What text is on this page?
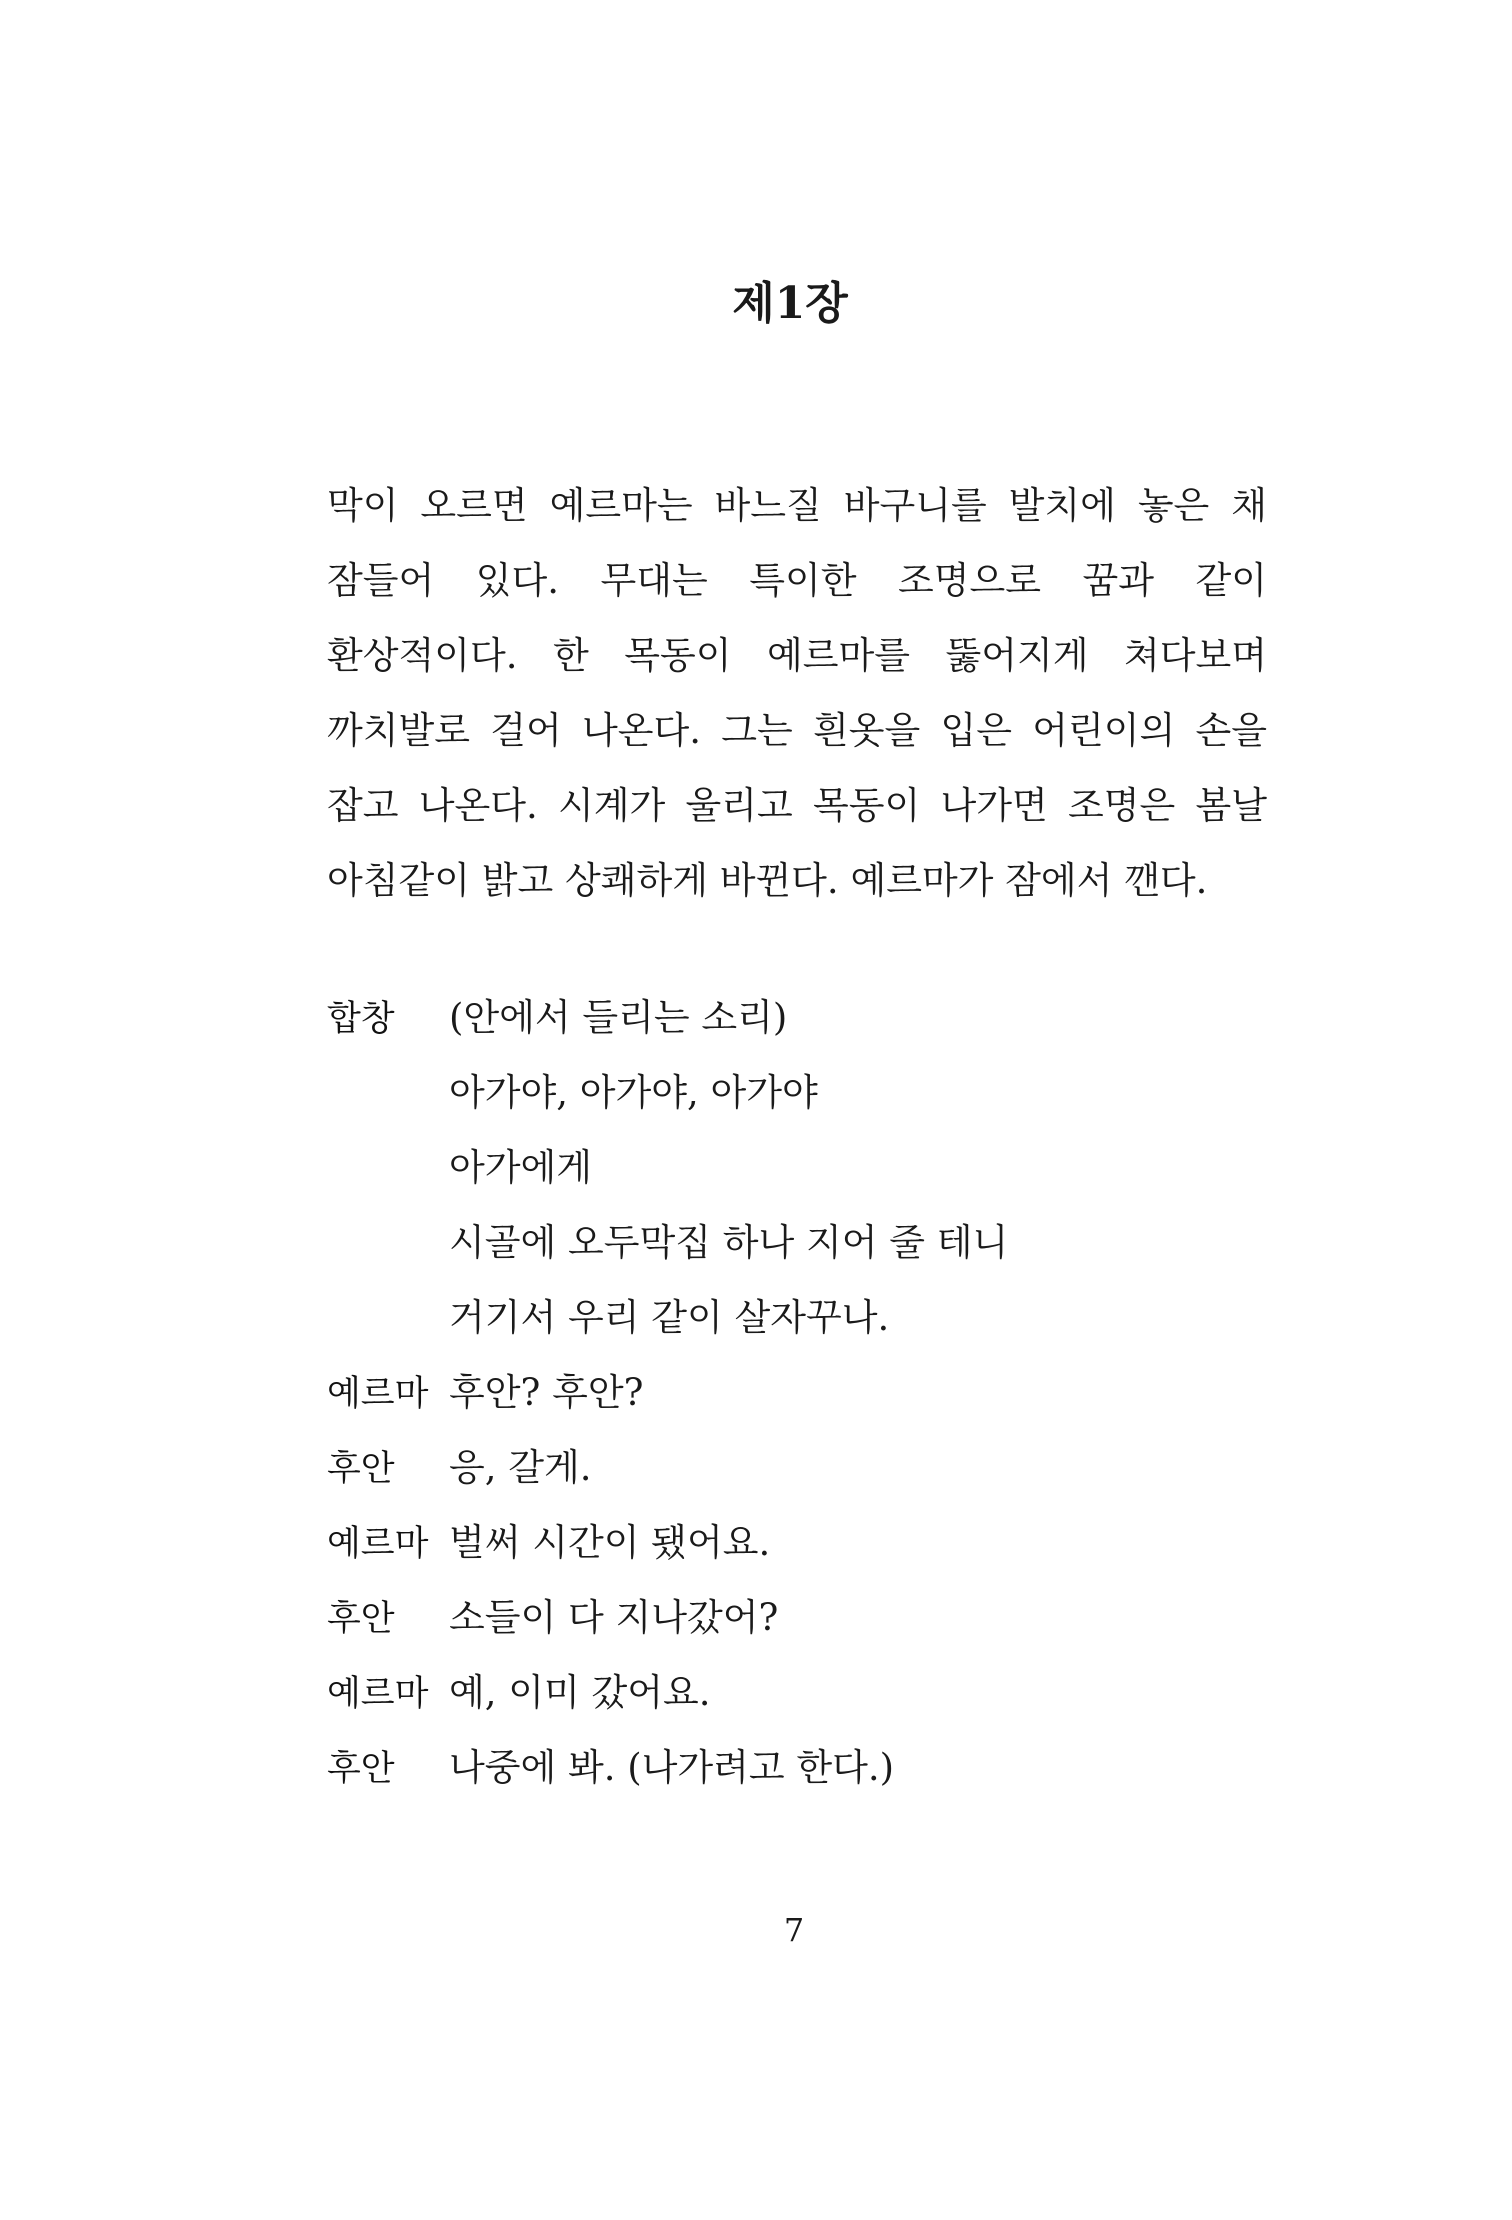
제1장

막이 오르면 예르마는 바느질 바구니를 발치에 놓은 채 잠들어 있다. 무대는 특이한 조명으로 꿈과 같이 환상적이다. 한 목동이 예르마를 뚫어지게 쳐다보며 까치발로 걸어 나온다. 그는 흰옷을 입은 어린이의 손을 잡고 나온다. 시계가 울리고 목동이 나가면 조명은 봄날 아침같이 밝고 상쾌하게 바뀐다. 예르마가 잠에서 깬다.

합창	(안에서 들리는 소리)
아가야, 아가야, 아가야
아가에게
시골에 오두막집 하나 지어 줄 테니
거기서 우리 같이 살자꾸나.
예르마 후안? 후안?
후안	응, 갈게.
예르마 벌써 시간이 됐어요.
후안	소들이 다 지나갔어?
예르마 예, 이미 갔어요.
후안	나중에 봐. (나가려고 한다.)
7
